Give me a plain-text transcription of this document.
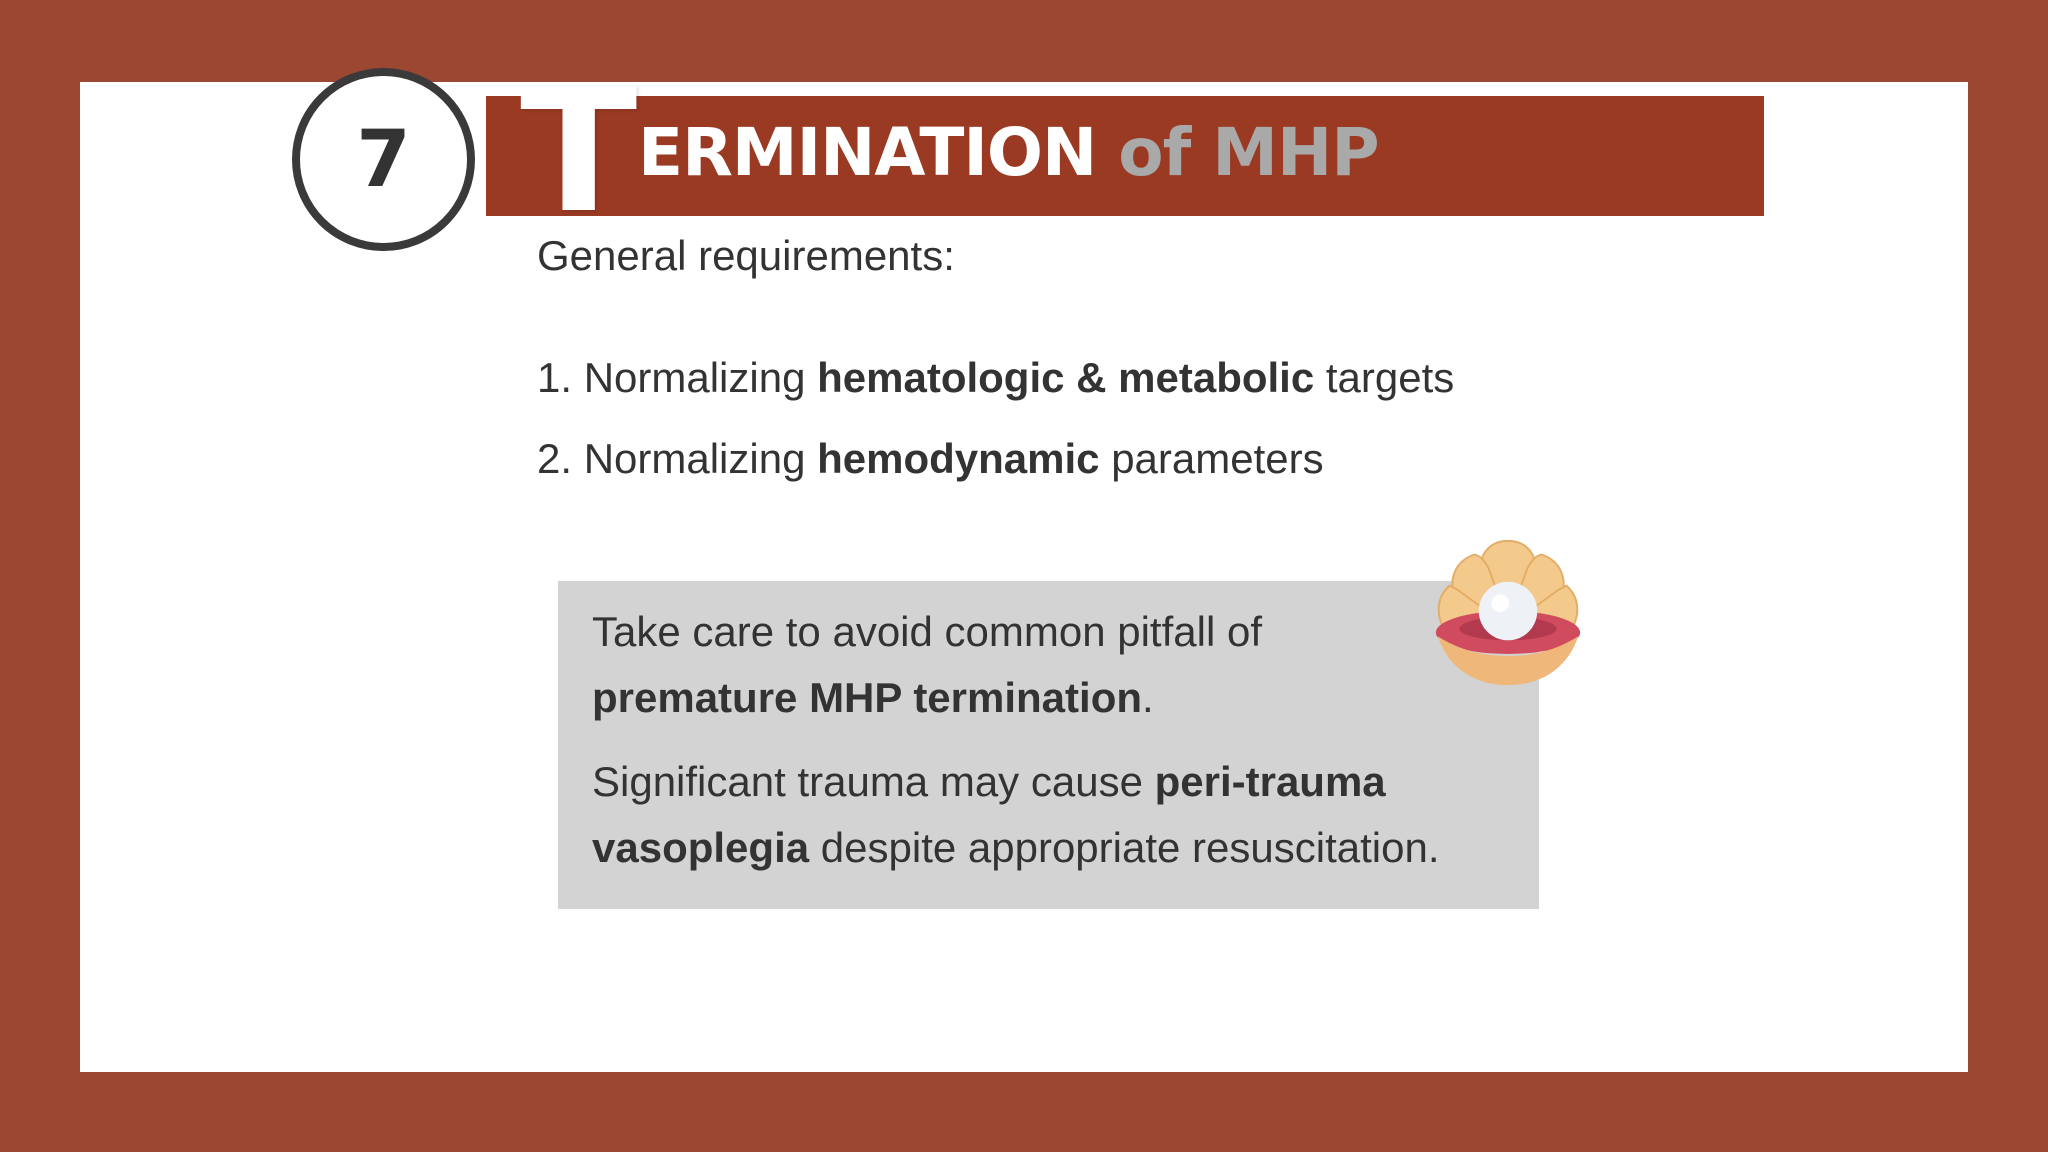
7 T ERMINATION of MHP
General requirements:
1. Normalizing hematologic & metabolic targets
2. Normalizing hemodynamic parameters
Take care to avoid common pitfall of
premature MHP termination.
Significant trauma may cause peri-trauma
vasoplegia despite appropriate resuscitation.
